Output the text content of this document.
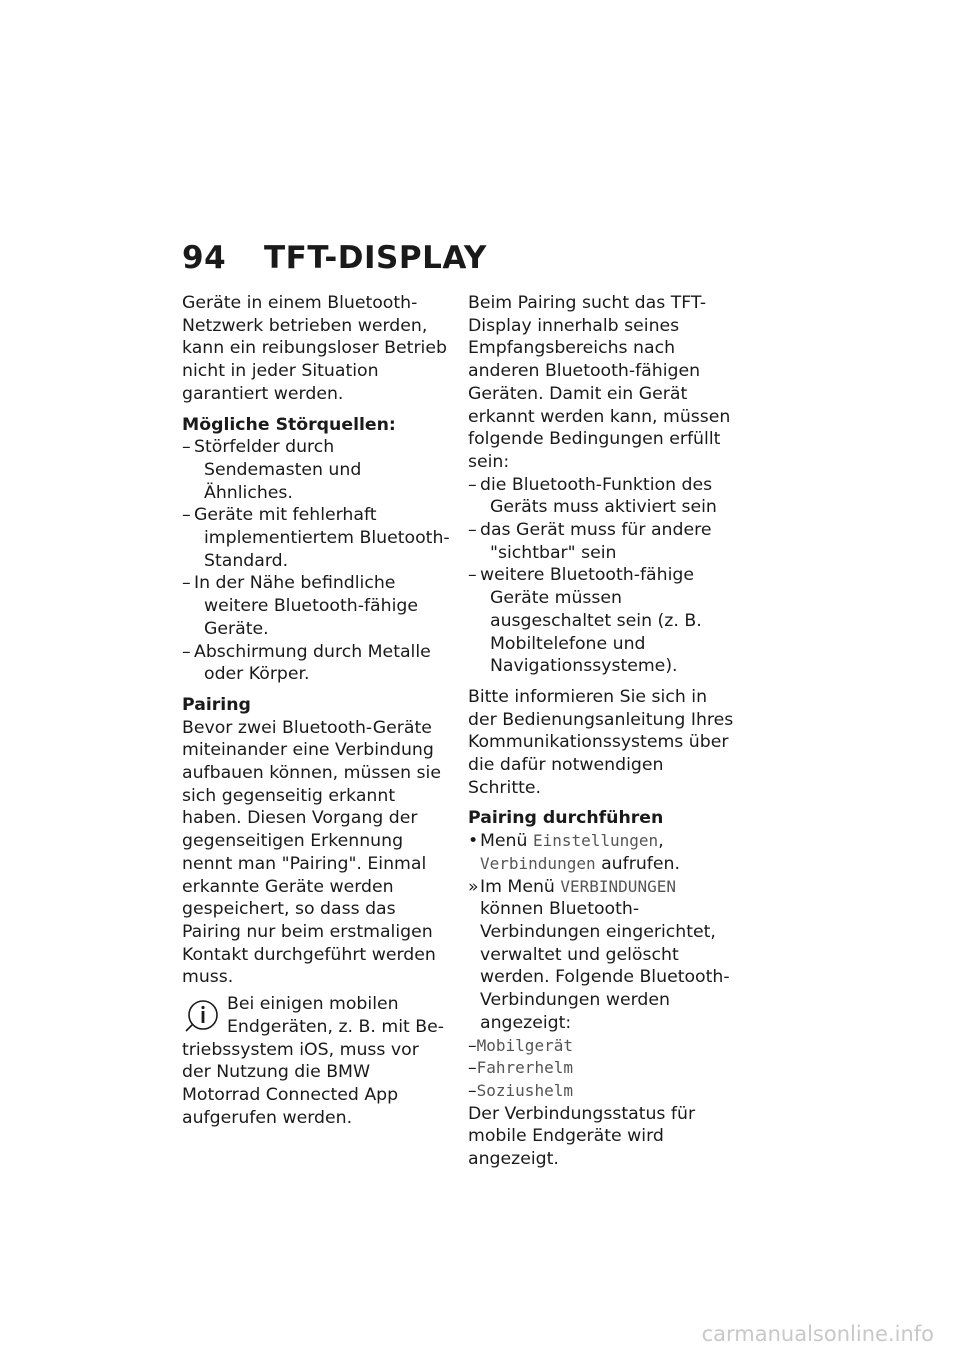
94 TFT-DISPLAY

Geräte in einem Bluetooth-Netzwerk betrieben werden, kann ein reibungsloser Betrieb nicht in jeder Situation garantiert werden.

Mögliche Störquellen:
– Störfelder durch Sendemasten und Ähnliches.
– Geräte mit fehlerhaft implementiertem Bluetooth-Standard.
– In der Nähe befindliche weitere Bluetooth-fähige Geräte.
– Abschirmung durch Metalle oder Körper.
Pairing

Bevor zwei Bluetooth-Geräte miteinander eine Verbindung aufbauen können, müssen sie sich gegenseitig erkannt haben. Diesen Vorgang der gegenseitigen Erkennung nennt man "Pairing". Einmal erkannte Geräte werden gespeichert, so dass das Pairing nur beim erstmaligen Kontakt durchgeführt werden muss.

Bei einigen mobilen Endgeräten, z. B. mit Be-

triebssystem iOS, muss vor der Nutzung die BMW Motorrad Connected App aufgerufen werden.

Beim Pairing sucht das TFT-Display innerhalb seines Empfangsbereichs nach anderen Bluetooth-fähigen Geräten. Damit ein Gerät erkannt werden kann, müssen folgende Bedingungen erfüllt sein:

– die Bluetooth-Funktion des Geräts muss aktiviert sein
– das Gerät muss für andere "sichtbar" sein
– weitere Bluetooth-fähige Geräte müssen ausgeschaltet sein (z. B. Mobiltelefone und Navigationssysteme).

Bitte informieren Sie sich in der Bedienungsanleitung Ihres Kommunikationssystems über die dafür notwendigen Schritte.

Pairing durchführen
• Menü Einstellungen,
Verbindungen aufrufen.
» Im Menü VERBINDUNGEN können Bluetooth-Verbindungen eingerichtet, verwaltet und gelöscht werden. Folgende Bluetooth-Verbindungen werden angezeigt:
–Mobilgerät
–Fahrerhelm
–Soziushelm

Der Verbindungsstatus für mobile Endgeräte wird angezeigt.

carmanualsonline.info
